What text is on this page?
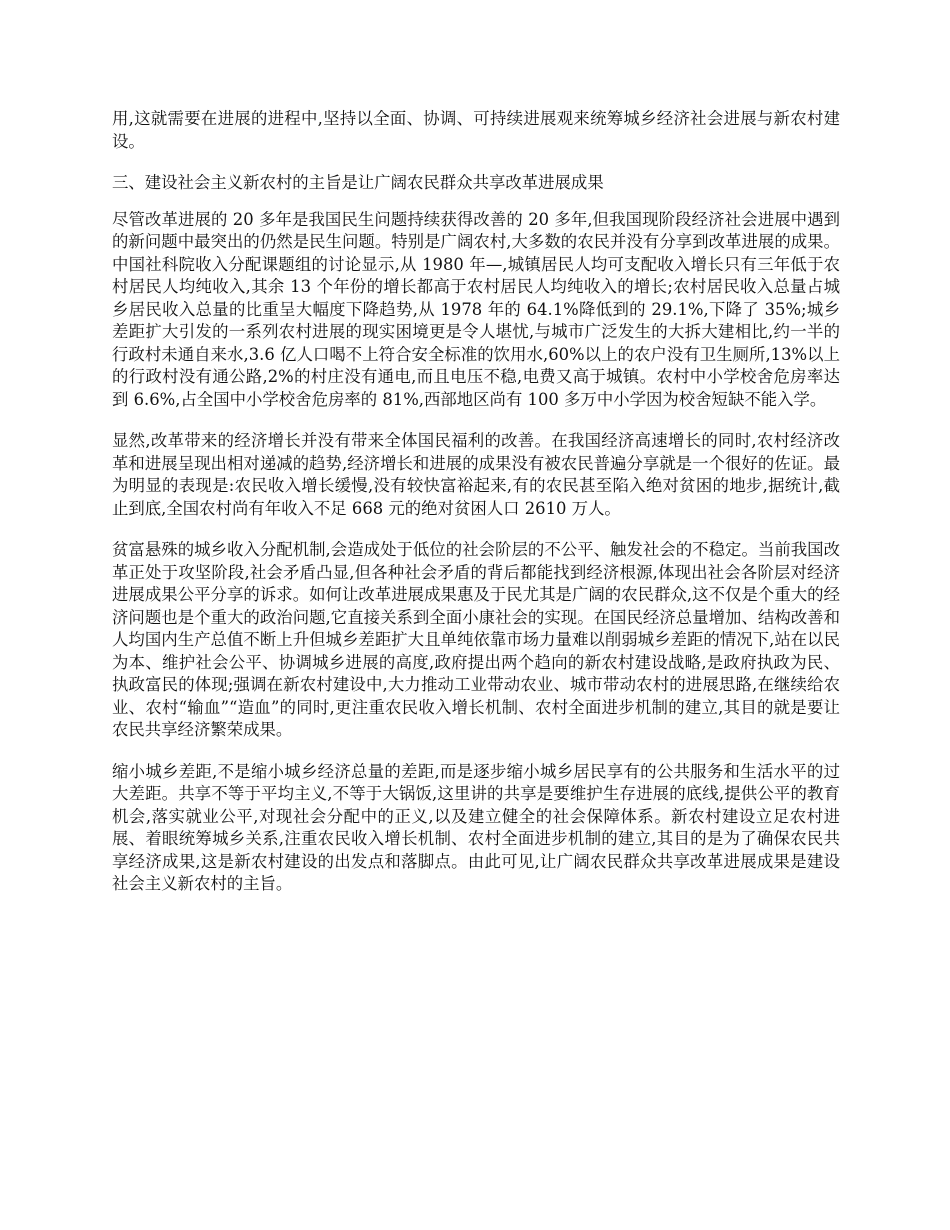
用,这就需要在进展的进程中,坚持以全面、协调、可持续进展观来统筹城乡经济社会进展与新农村建设。

三、建设社会主义新农村的主旨是让广阔农民群众共享改革进展成果

尽管改革进展的 20 多年是我国民生问题持续获得改善的 20 多年,但我国现阶段经济社会进展中遇到的新问题中最突出的仍然是民生问题。特别是广阔农村,大多数的农民并没有分享到改革进展的成果。中国社科院收入分配课题组的讨论显示,从 1980 年—,城镇居民人均可支配收入增长只有三年低于农村居民人均纯收入,其余 13 个年份的增长都高于农村居民人均纯收入的增长;农村居民收入总量占城乡居民收入总量的比重呈大幅度下降趋势,从 1978 年的 64.1%降低到的 29.1%,下降了 35%;城乡差距扩大引发的一系列农村进展的现实困境更是令人堪忧,与城市广泛发生的大拆大建相比,约一半的行政村未通自来水,3.6 亿人口喝不上符合安全标准的饮用水,60%以上的农户没有卫生厕所,13%以上的行政村没有通公路,2%的村庄没有通电,而且电压不稳,电费又高于城镇。农村中小学校舍危房率达到 6.6%,占全国中小学校舍危房率的 81%,西部地区尚有 100 多万中小学因为校舍短缺不能入学。

显然,改革带来的经济增长并没有带来全体国民福利的改善。在我国经济高速增长的同时,农村经济改革和进展呈现出相对递减的趋势,经济增长和进展的成果没有被农民普遍分享就是一个很好的佐证。最为明显的表现是:农民收入增长缓慢,没有较快富裕起来,有的农民甚至陷入绝对贫困的地步,据统计,截止到底,全国农村尚有年收入不足 668 元的绝对贫困人口 2610 万人。

贫富悬殊的城乡收入分配机制,会造成处于低位的社会阶层的不公平、触发社会的不稳定。当前我国改革正处于攻坚阶段,社会矛盾凸显,但各种社会矛盾的背后都能找到经济根源,体现出社会各阶层对经济进展成果公平分享的诉求。如何让改革进展成果惠及于民尤其是广阔的农民群众,这不仅是个重大的经济问题也是个重大的政治问题,它直接关系到全面小康社会的实现。在国民经济总量增加、结构改善和人均国内生产总值不断上升但城乡差距扩大且单纯依靠市场力量难以削弱城乡差距的情况下,站在以民为本、维护社会公平、协调城乡进展的高度,政府提出两个趋向的新农村建设战略,是政府执政为民、执政富民的体现;强调在新农村建设中,大力推动工业带动农业、城市带动农村的进展思路,在继续给农业、农村“输血”“造血”的同时,更注重农民收入增长机制、农村全面进步机制的建立,其目的就是要让农民共享经济繁荣成果。

缩小城乡差距,不是缩小城乡经济总量的差距,而是逐步缩小城乡居民享有的公共服务和生活水平的过大差距。共享不等于平均主义,不等于大锅饭,这里讲的共享是要维护生存进展的底线,提供公平的教育机会,落实就业公平,对现社会分配中的正义,以及建立健全的社会保障体系。新农村建设立足农村进展、着眼统筹城乡关系,注重农民收入增长机制、农村全面进步机制的建立,其目的是为了确保农民共享经济成果,这是新农村建设的出发点和落脚点。由此可见,让广阔农民群众共享改革进展成果是建设社会主义新农村的主旨。
